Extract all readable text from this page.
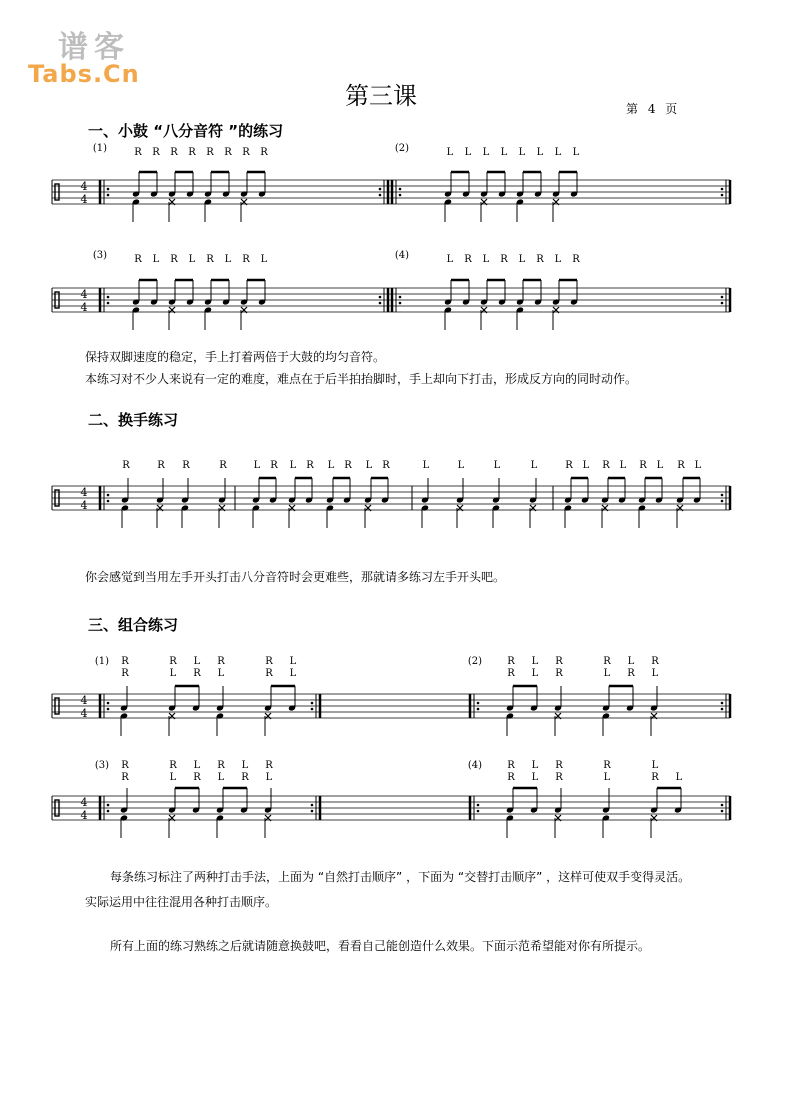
谱客
Tabs.Cn
第三课	第 4 页
一、小鼓 “八分音符 ”的练习
二、换手练习
三、组合练习
保持双脚速度的稳定，手上打着两倍于大鼓的均匀音符。
本练习对不少人来说有一定的难度，难点在于后半拍抬脚时，手上却向下打击，形成反方向的同时动作。
你会感觉到当用左手开头打击八分音符时会更难些，那就请多练习左手开头吧。
每条练习标注了两种打击手法，上面为 “自然打击顺序” ，下面为 “交替打击顺序” ，这样可使双手变得灵活。
实际运用中往往混用各种打击顺序。
所有上面的练习熟练之后就请随意换鼓吧，看看自己能创造什么效果。下面示范希望能对你有所提示。
4
4
(1)	(2)
R R R R R R R R	L L L L L L L L
4
4
(3)	(4)
R L R L R L R L	L R L R L R L R
4
4
R	R R	R	L R L R L R L R	L	L	L	L	R L R L R L R L
4
4
(1)	(2)
4
4
(3)	(4)
R
R
R
L
L
R
R
L
R
R
L
L
R
R
L
L
R
R
R
L
L
R
R
L
R
R
R
L
L
R
R
L
L
R
R
L
R
R
L
L
R
R
R
L
L
R L
